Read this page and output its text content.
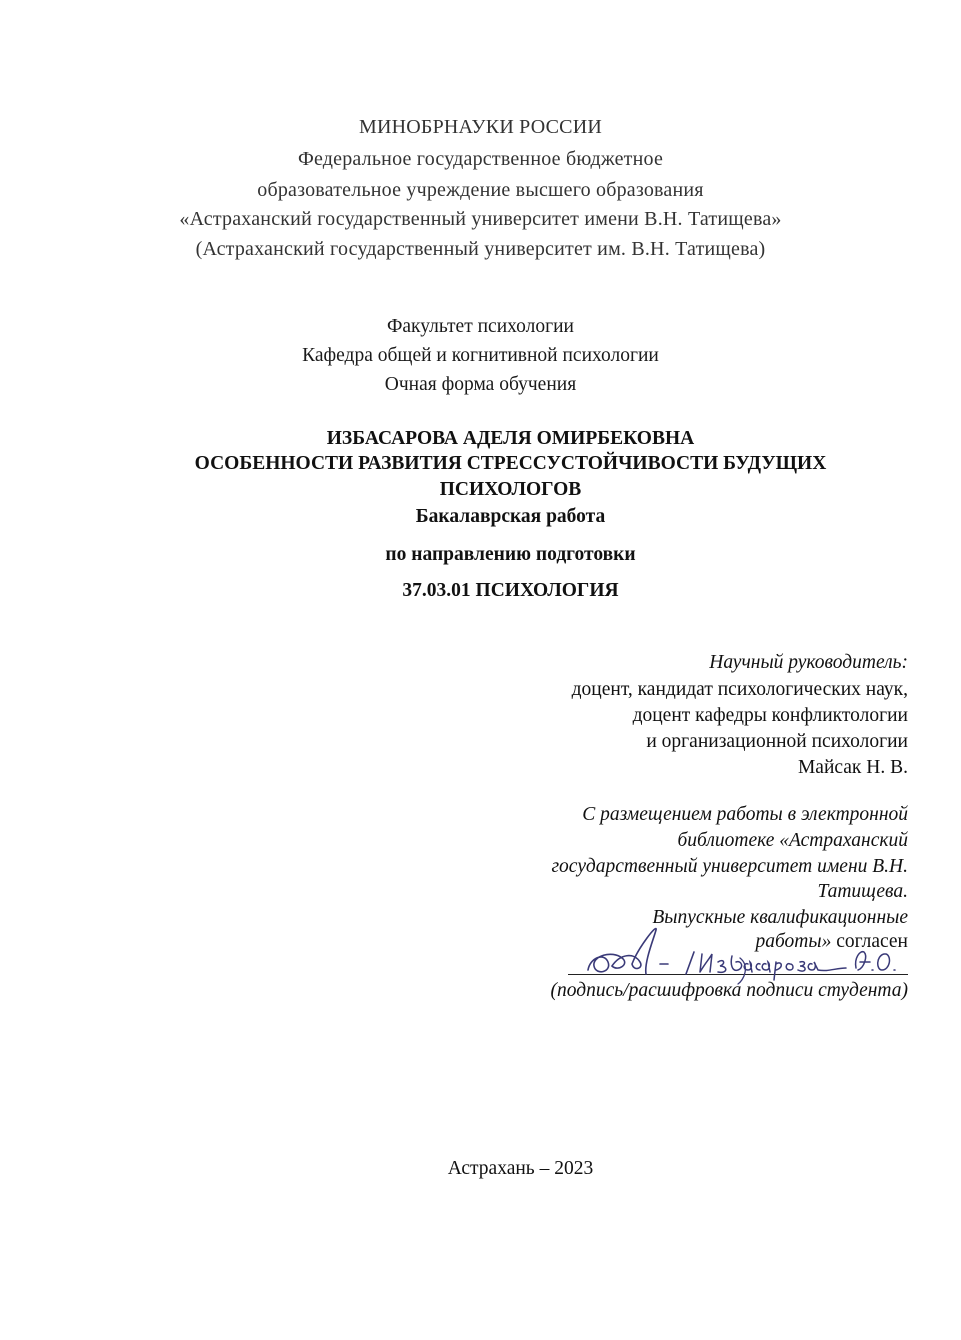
МИНОБРНАУКИ РОССИИ
Федеральное государственное бюджетное
образовательное учреждение высшего образования
«Астраханский государственный университет имени В.Н. Татищева»
(Астраханский государственный университет им. В.Н. Татищева)
Факультет психологии
Кафедра общей и когнитивной психологии
Очная форма обучения
ИЗБАСАРОВА АДЕЛЯ ОМИРБЕКОВНА
ОСОБЕННОСТИ РАЗВИТИЯ СТРЕССУСТОЙЧИВОСТИ БУДУЩИХ
ПСИХОЛОГОВ
Бакалаврская работа
по направлению подготовки
37.03.01 ПСИХОЛОГИЯ
Научный руководитель:
доцент, кандидат психологических наук,
доцент кафедры конфликтологии
и организационной психологии
Майсак Н. В.
С размещением работы в электронной
библиотеке «Астраханский
государственный университет имени В.Н.
Татищева.
Выпускные квалификационные
работы» согласен
(подпись/расшифровка подписи студента)
Астрахань – 2023
